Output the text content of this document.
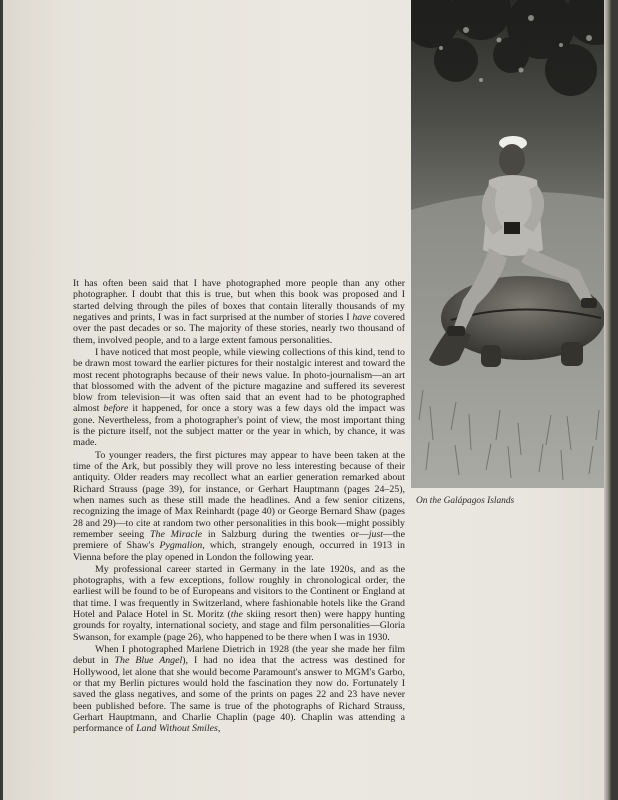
On the Galápagos Islands

It has often been said that I have photographed more people than any other photographer. I doubt that this is true, but when this book was proposed and I started delving through the piles of boxes that contain literally thousands of my negatives and prints, I was in fact surprised at the number of stories I have covered over the past decades or so. The majority of these stories, nearly two thousand of them, involved people, and to a large extent famous personalities.

I have noticed that most people, while viewing collections of this kind, tend to be drawn most toward the earlier pictures for their nostalgic interest and toward the most recent photographs because of their news value. In photo-journalism—an art that blossomed with the advent of the picture magazine and suffered its severest blow from television—it was often said that an event had to be photographed almost before it happened, for once a story was a few days old the impact was gone. Nevertheless, from a photographer's point of view, the most important thing is the picture itself, not the subject matter or the year in which, by chance, it was made.

To younger readers, the first pictures may appear to have been taken at the time of the Ark, but possibly they will prove no less interesting because of their antiquity. Older readers may recollect what an earlier generation remarked about Richard Strauss (page 39), for instance, or Gerhart Hauptmann (pages 24–25), when names such as these still made the headlines. And a few senior citizens, recognizing the image of Max Reinhardt (page 40) or George Bernard Shaw (pages 28 and 29)—to cite at random two other personalities in this book—might possibly remember seeing The Miracle in Salzburg during the twenties or—just—the premiere of Shaw's Pygmalion, which, strangely enough, occurred in 1913 in Vienna before the play opened in London the following year.

My professional career started in Germany in the late 1920s, and as the photographs, with a few exceptions, follow roughly in chronological order, the earliest will be found to be of Europeans and visitors to the Continent or England at that time. I was frequently in Switzerland, where fashionable hotels like the Grand Hotel and Palace Hotel in St. Moritz (the skiing resort then) were happy hunting grounds for royalty, international society, and stage and film personalities—Gloria Swanson, for example (page 26), who happened to be there when I was in 1930.

When I photographed Marlene Dietrich in 1928 (the year she made her film debut in The Blue Angel), I had no idea that the actress was destined for Hollywood, let alone that she would become Paramount's answer to MGM's Garbo, or that my Berlin pictures would hold the fascination they now do. Fortunately I saved the glass negatives, and some of the prints on pages 22 and 23 have never been published before. The same is true of the photographs of Richard Strauss, Gerhart Hauptmann, and Charlie Chaplin (page 40). Chaplin was attending a performance of Land Without Smiles,
